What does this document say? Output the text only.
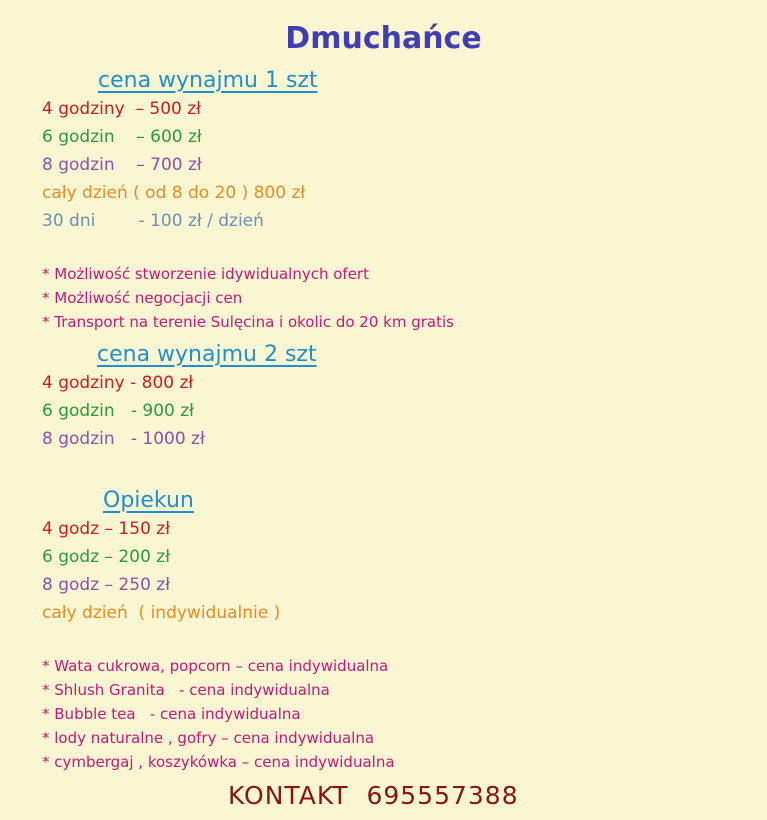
Dmuchańce
cena wynajmu 1 szt
4 godziny  – 500 zł
6 godzin    – 600 zł
8 godzin    – 700 zł
cały dzień ( od 8 do 20 ) 800 zł
30 dni        - 100 zł / dzień
* Możliwość stworzenie idywidualnych ofert
* Możliwość negocjacji cen
* Transport na terenie Sulęcina i okolic do 20 km gratis
cena wynajmu 2 szt
4 godziny - 800 zł
6 godzin   - 900 zł
8 godzin   - 1000 zł
Opiekun
4 godz – 150 zł
6 godz – 200 zł
8 godz – 250 zł
cały dzień  ( indywidualnie )
* Wata cukrowa, popcorn – cena indywidualna
* Shlush Granita   - cena indywidualna
* Bubble tea   - cena indywidualna
* lody naturalne , gofry – cena indywidualna
* cymbergaj , koszykówka – cena indywidualna
KONTAKT  695557388
